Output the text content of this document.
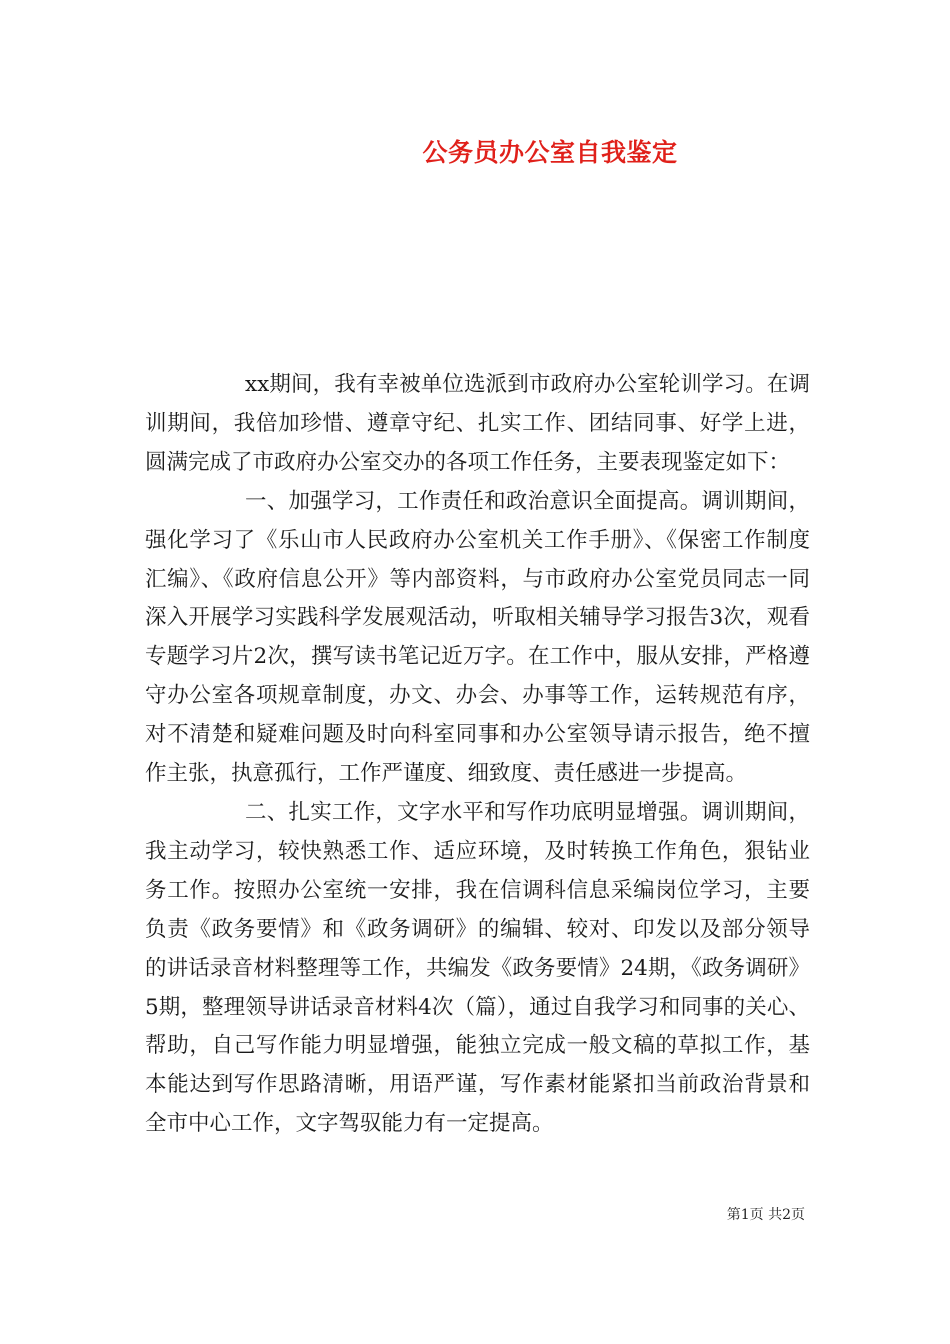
公务员办公室自我鉴定

xx期间，我有幸被单位选派到市政府办公室轮训学习。在调训期间，我倍加珍惜、遵章守纪、扎实工作、团结同事、好学上进，圆满完成了市政府办公室交办的各项工作任务，主要表现鉴定如下：

一、加强学习，工作责任和政治意识全面提高。调训期间，强化学习了《乐山市人民政府办公室机关工作手册》、《保密工作制度汇编》、《政府信息公开》等内部资料，与市政府办公室党员同志一同深入开展学习实践科学发展观活动，听取相关辅导学习报告3次，观看专题学习片2次，撰写读书笔记近万字。在工作中，服从安排，严格遵守办公室各项规章制度，办文、办会、办事等工作，运转规范有序，对不清楚和疑难问题及时向科室同事和办公室领导请示报告，绝不擅作主张，执意孤行，工作严谨度、细致度、责任感进一步提高。

二、扎实工作，文字水平和写作功底明显增强。调训期间，我主动学习，较快熟悉工作、适应环境，及时转换工作角色，狠钻业务工作。按照办公室统一安排，我在信调科信息采编岗位学习，主要负责《政务要情》和《政务调研》的编辑、较对、印发以及部分领导的讲话录音材料整理等工作，共编发《政务要情》24期，《政务调研》5期，整理领导讲话录音材料4次（篇），通过自我学习和同事的关心、帮助，自己写作能力明显增强，能独立完成一般文稿的草拟工作，基本能达到写作思路清晰，用语严谨，写作素材能紧扣当前政治背景和全市中心工作，文字驾驭能力有一定提高。

第1页 共2页
